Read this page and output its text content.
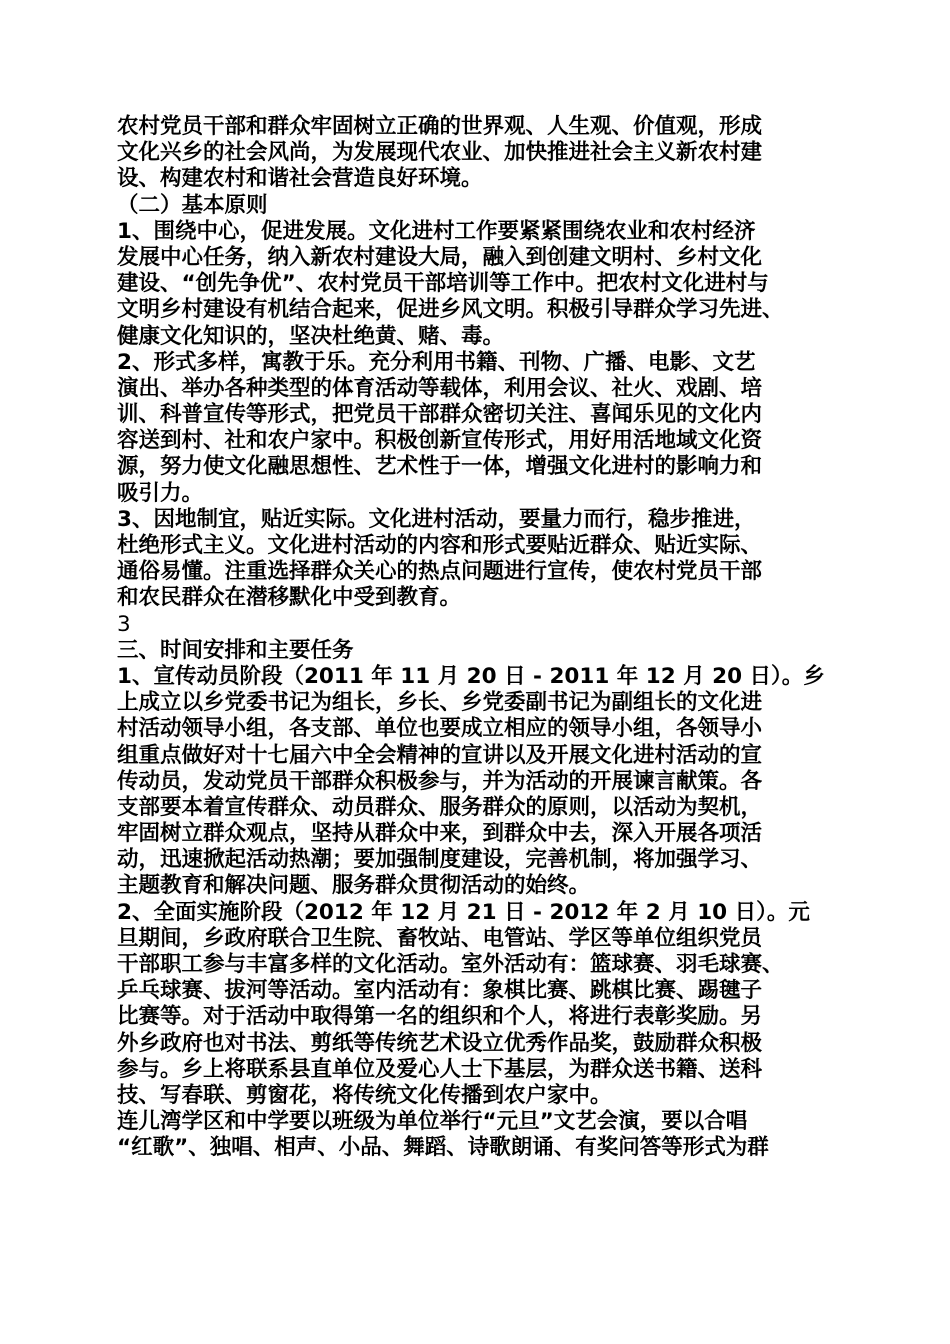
农村党员干部和群众牢固树立正确的世界观、人生观、价值观，形成
文化兴乡的社会风尚，为发展现代农业、加快推进社会主义新农村建
设、构建农村和谐社会营造良好环境。
（二）基本原则
1、围绕中心，促进发展。文化进村工作要紧紧围绕农业和农村经济
发展中心任务，纳入新农村建设大局，融入到创建文明村、乡村文化
建设、“创先争优”、农村党员干部培训等工作中。把农村文化进村与
文明乡村建设有机结合起来，促进乡风文明。积极引导群众学习先进、
健康文化知识的，坚决杜绝黄、赌、毒。
2、形式多样，寓教于乐。充分利用书籍、刊物、广播、电影、文艺
演出、举办各种类型的体育活动等载体，利用会议、社火、戏剧、培
训、科普宣传等形式，把党员干部群众密切关注、喜闻乐见的文化内
容送到村、社和农户家中。积极创新宣传形式，用好用活地域文化资
源，努力使文化融思想性、艺术性于一体，增强文化进村的影响力和
吸引力。
3、因地制宜，贴近实际。文化进村活动，要量力而行，稳步推进，
杜绝形式主义。文化进村活动的内容和形式要贴近群众、贴近实际、
通俗易懂。注重选择群众关心的热点问题进行宣传，使农村党员干部
和农民群众在潜移默化中受到教育。
3
三、时间安排和主要任务
1、宣传动员阶段（2011 年 11 月 20 日 - 2011 年 12 月 20 日）。乡
上成立以乡党委书记为组长，乡长、乡党委副书记为副组长的文化进
村活动领导小组，各支部、单位也要成立相应的领导小组，各领导小
组重点做好对十七届六中全会精神的宣讲以及开展文化进村活动的宣
传动员，发动党员干部群众积极参与，并为活动的开展谏言献策。各
支部要本着宣传群众、动员群众、服务群众的原则，以活动为契机，
牢固树立群众观点，坚持从群众中来，到群众中去，深入开展各项活
动，迅速掀起活动热潮；要加强制度建设，完善机制，将加强学习、
主题教育和解决问题、服务群众贯彻活动的始终。
2、全面实施阶段（2012 年 12 月 21 日 - 2012 年 2 月 10 日）。元
旦期间，乡政府联合卫生院、畜牧站、电管站、学区等单位组织党员
干部职工参与丰富多样的文化活动。室外活动有：篮球赛、羽毛球赛、
乒乓球赛、拔河等活动。室内活动有：象棋比赛、跳棋比赛、踢毽子
比赛等。对于活动中取得第一名的组织和个人，将进行表彰奖励。另
外乡政府也对书法、剪纸等传统艺术设立优秀作品奖，鼓励群众积极
参与。乡上将联系县直单位及爱心人士下基层，为群众送书籍、送科
技、写春联、剪窗花，将传统文化传播到农户家中。
连儿湾学区和中学要以班级为单位举行“元旦”文艺会演，要以合唱
“红歌”、独唱、相声、小品、舞蹈、诗歌朗诵、有奖问答等形式为群
